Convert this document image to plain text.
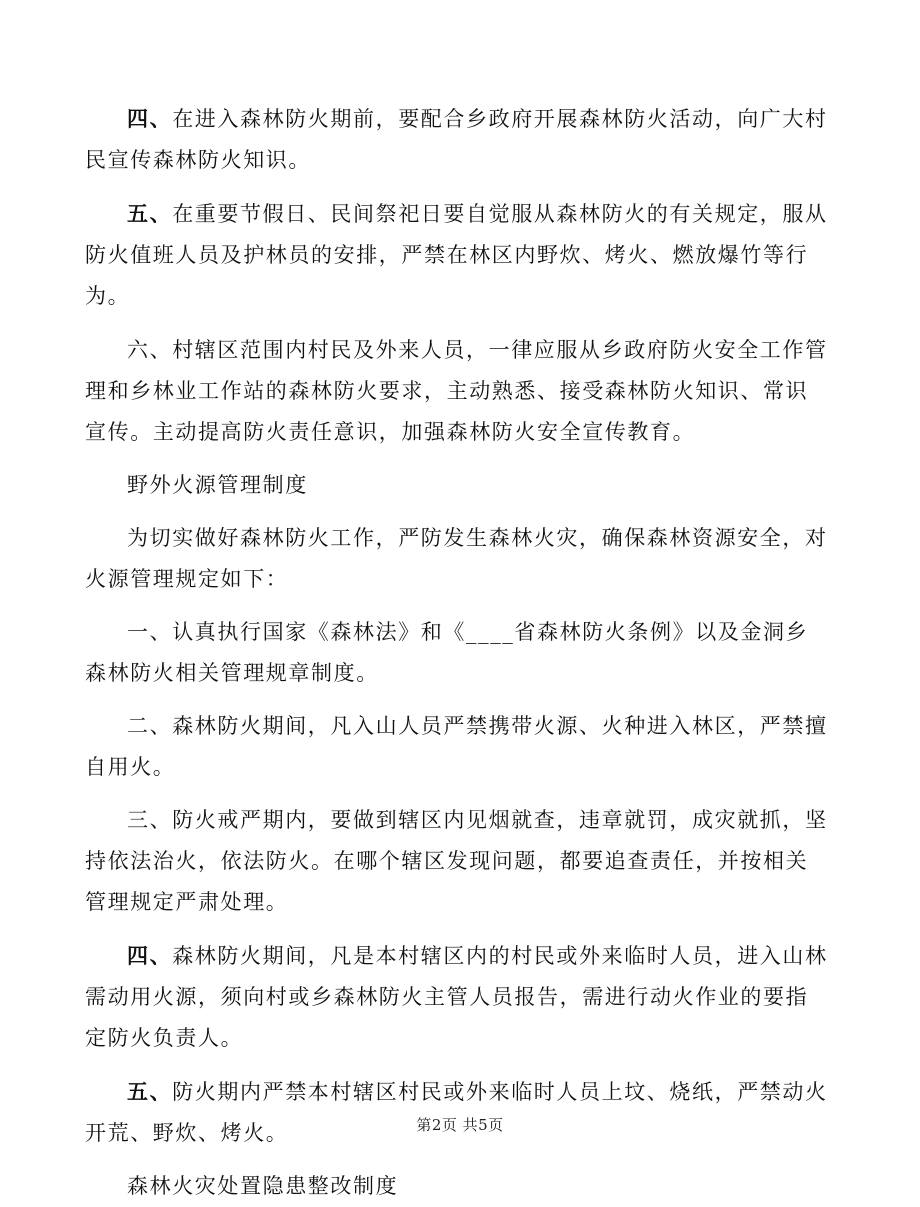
四、在进入森林防火期前，要配合乡政府开展森林防火活动，向广大村民宣传森林防火知识。

五、在重要节假日、民间祭祀日要自觉服从森林防火的有关规定，服从防火值班人员及护林员的安排，严禁在林区内野炊、烤火、燃放爆竹等行为。

六、村辖区范围内村民及外来人员，一律应服从乡政府防火安全工作管理和乡林业工作站的森林防火要求，主动熟悉、接受森林防火知识、常识宣传。主动提高防火责任意识，加强森林防火安全宣传教育。

野外火源管理制度

为切实做好森林防火工作，严防发生森林火灾，确保森林资源安全，对火源管理规定如下：

一、认真执行国家《森林法》和《____省森林防火条例》以及金洞乡森林防火相关管理规章制度。

二、森林防火期间，凡入山人员严禁携带火源、火种进入林区，严禁擅自用火。

三、防火戒严期内，要做到辖区内见烟就查，违章就罚，成灾就抓，坚持依法治火，依法防火。在哪个辖区发现问题，都要追查责任，并按相关管理规定严肃处理。

四、森林防火期间，凡是本村辖区内的村民或外来临时人员，进入山林需动用火源，须向村或乡森林防火主管人员报告，需进行动火作业的要指定防火负责人。

五、防火期内严禁本村辖区村民或外来临时人员上坟、烧纸，严禁动火开荒、野炊、烤火。

森林火灾处置隐患整改制度

第2页 共5页
